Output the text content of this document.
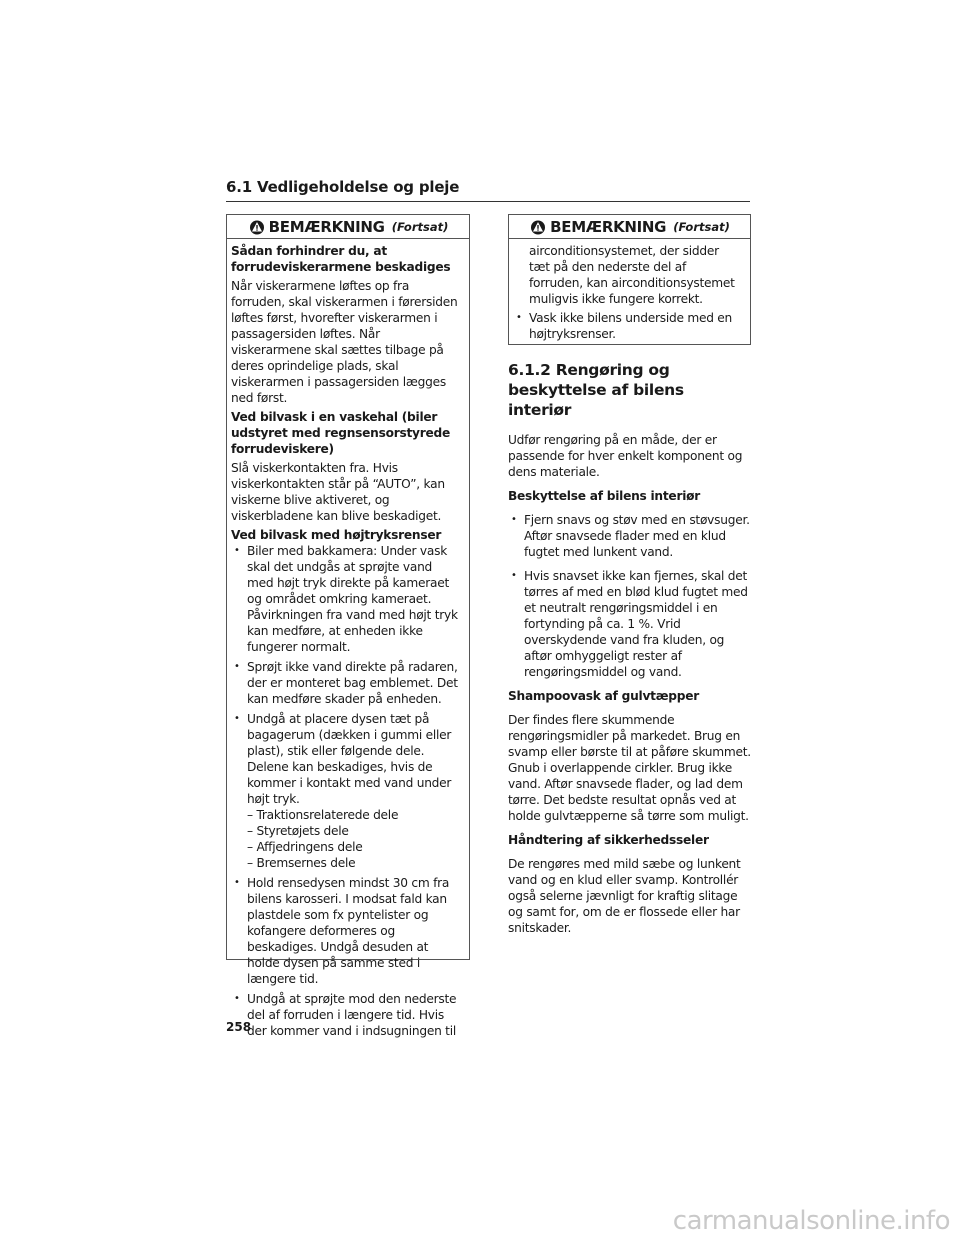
6.1 Vedligeholdelse og pleje
BEMÆRKNING (Fortsat)

Sådan forhindrer du, at forrudeviskerarmene beskadiges

Når viskerarmene løftes op fra forruden, skal viskerarmen i førersiden løftes først, hvorefter viskerarmen i passagersiden løftes. Når viskerarmene skal sættes tilbage på deres oprindelige plads, skal viskerarmen i passagersiden lægges ned først.

Ved bilvask i en vaskehal (biler udstyret med regnsensorstyrede forrudeviskere)

Slå viskerkontakten fra. Hvis viskerkontakten står på “AUTO”, kan viskerne blive aktiveret, og viskerbladene kan blive beskadiget.

Ved bilvask med højtryksrenser

• Biler med bakkamera: Under vask skal det undgås at sprøjte vand med højt tryk direkte på kameraet og området omkring kameraet. Påvirkningen fra vand med højt tryk kan medføre, at enheden ikke fungerer normalt.
• Sprøjt ikke vand direkte på radaren, der er monteret bag emblemet. Det kan medføre skader på enheden.
• Undgå at placere dysen tæt på bagagerum (dækken i gummi eller plast), stik eller følgende dele. Delene kan beskadiges, hvis de kommer i kontakt med vand under højt tryk.
– Traktionsrelaterede dele
– Styretøjets dele
– Affjedringens dele
– Bremsernes dele
• Hold rensedysen mindst 30 cm fra bilens karosseri. I modsat fald kan plastdele som fx pyntelister og kofangere deformeres og beskadiges. Undgå desuden at holde dysen på samme sted i længere tid.
• Undgå at sprøjte mod den nederste del af forruden i længere tid. Hvis der kommer vand i indsugningen til
BEMÆRKNING (Fortsat)

airconditionsystemet, der sidder tæt på den nederste del af forruden, kan airconditionsystemet muligvis ikke fungere korrekt.

• Vask ikke bilens underside med en højtryksrenser.
6.1.2 Rengøring og beskyttelse af bilens interiør

Udfør rengøring på en måde, der er passende for hver enkelt komponent og dens materiale.

Beskyttelse af bilens interiør

• Fjern snavs og støv med en støvsuger. Aftør snavsede flader med en klud fugtet med lunkent vand.
• Hvis snavset ikke kan fjernes, skal det tørres af med en blød klud fugtet med et neutralt rengøringsmiddel i en fortynding på ca. 1 %. Vrid overskydende vand fra kluden, og aftør omhyggeligt rester af rengøringsmiddel og vand.

Shampoovask af gulvtæpper

Der findes flere skummende rengøringsmidler på markedet. Brug en svamp eller børste til at påføre skummet. Gnub i overlappende cirkler. Brug ikke vand. Aftør snavsede flader, og lad dem tørre. Det bedste resultat opnås ved at holde gulvtæpperne så tørre som muligt.

Håndtering af sikkerhedsseler

De rengøres med mild sæbe og lunkent vand og en klud eller svamp. Kontrollér også selerne jævnligt for kraftig slitage og samt for, om de er flossede eller har snitskader.

258
carmanualsonline.info
